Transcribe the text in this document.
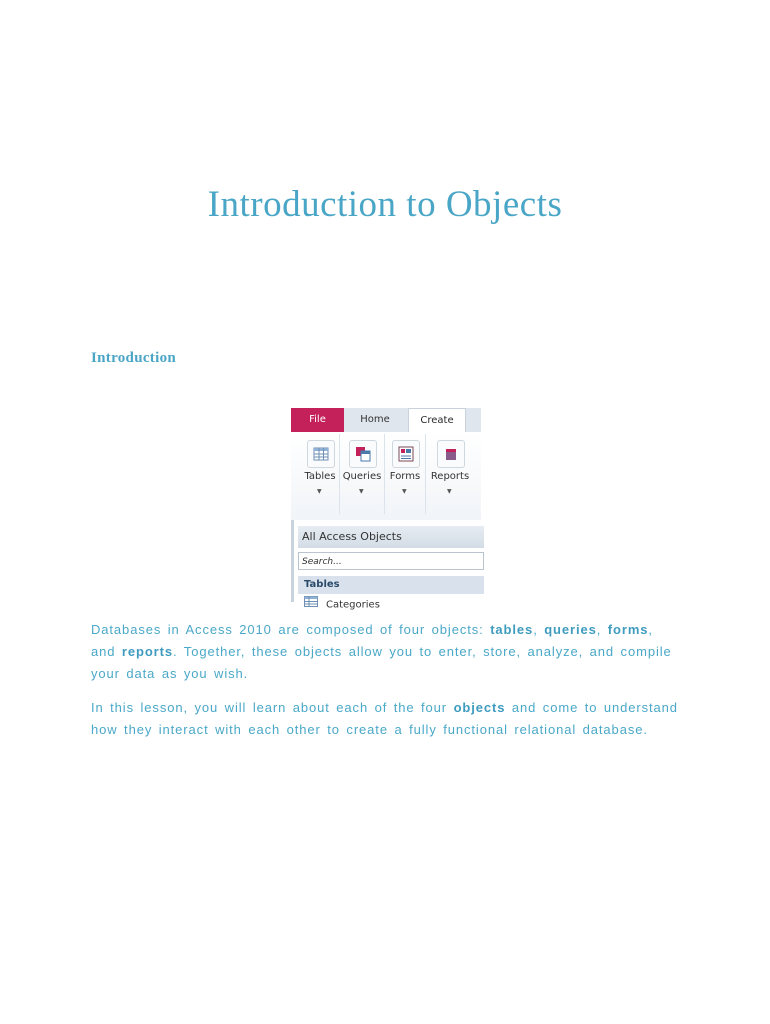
Introduction to Objects
Introduction
File	Home	Create
Tables
▼
Queries
▼
Forms
▼
Reports
▼
All Access Objects
Search...
Tables
Categories

Databases in Access 2010 are composed of four objects: tables, queries, forms, and reports. Together, these objects allow you to enter, store, analyze, and compile your data as you wish.

In this lesson, you will learn about each of the four objects and come to understand how they interact with each other to create a fully functional relational database.
